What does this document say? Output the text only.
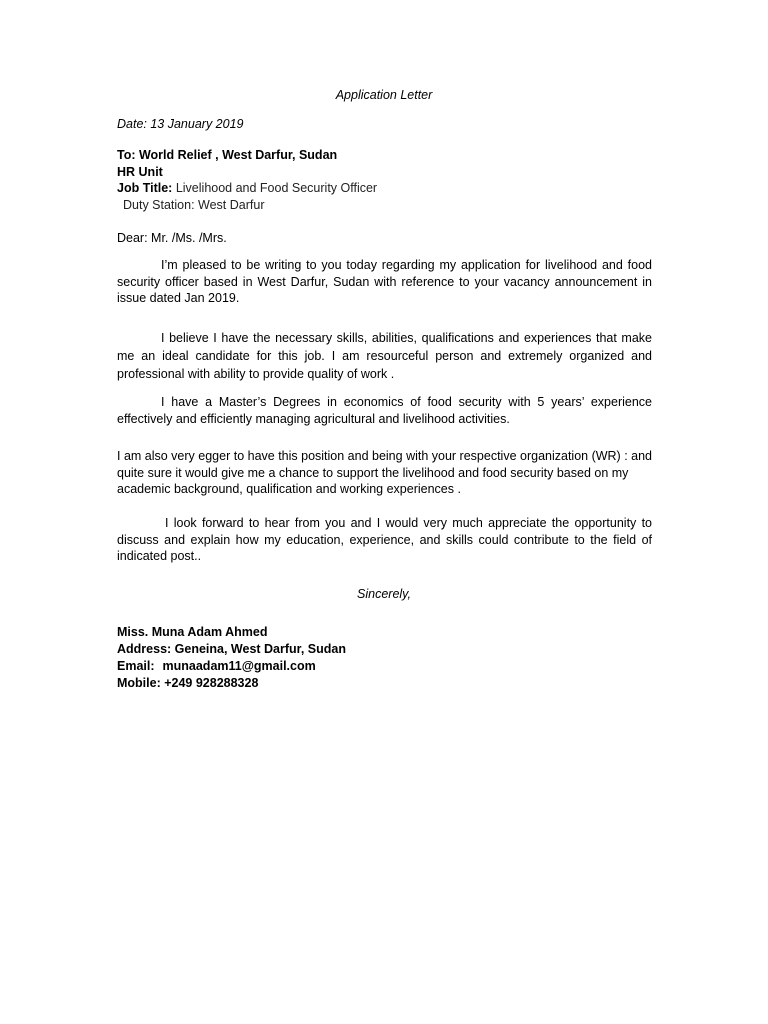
Application Letter
Date: 13 January 2019
To: World Relief , West Darfur, Sudan
HR Unit
Job Title: Livelihood and Food Security Officer
Duty Station: West Darfur
Dear: Mr. /Ms. /Mrs.
I’m pleased to be writing to you today regarding my application for livelihood and food security officer based in West Darfur, Sudan with reference to your vacancy announcement in issue dated Jan 2019.
I believe I have the necessary skills, abilities, qualifications and experiences that make me an ideal candidate for this job. I am resourceful person and extremely organized and professional with ability to provide quality of work .
I have a Master’s Degrees in economics of food security with 5 years’ experience effectively and efficiently managing agricultural and livelihood activities.
I am also very egger to have this position and being with your respective organization (WR) : and quite sure it would give me a chance to support the livelihood and food security based on my academic background, qualification and working experiences .
I look forward to hear from you and I would very much appreciate the opportunity to discuss and explain how my education, experience, and skills could contribute to the field of indicated post..
Sincerely,
Miss. Muna Adam Ahmed
Address: Geneina, West Darfur, Sudan
Email: munaadam11@gmail.com
Mobile: +249 928288328
